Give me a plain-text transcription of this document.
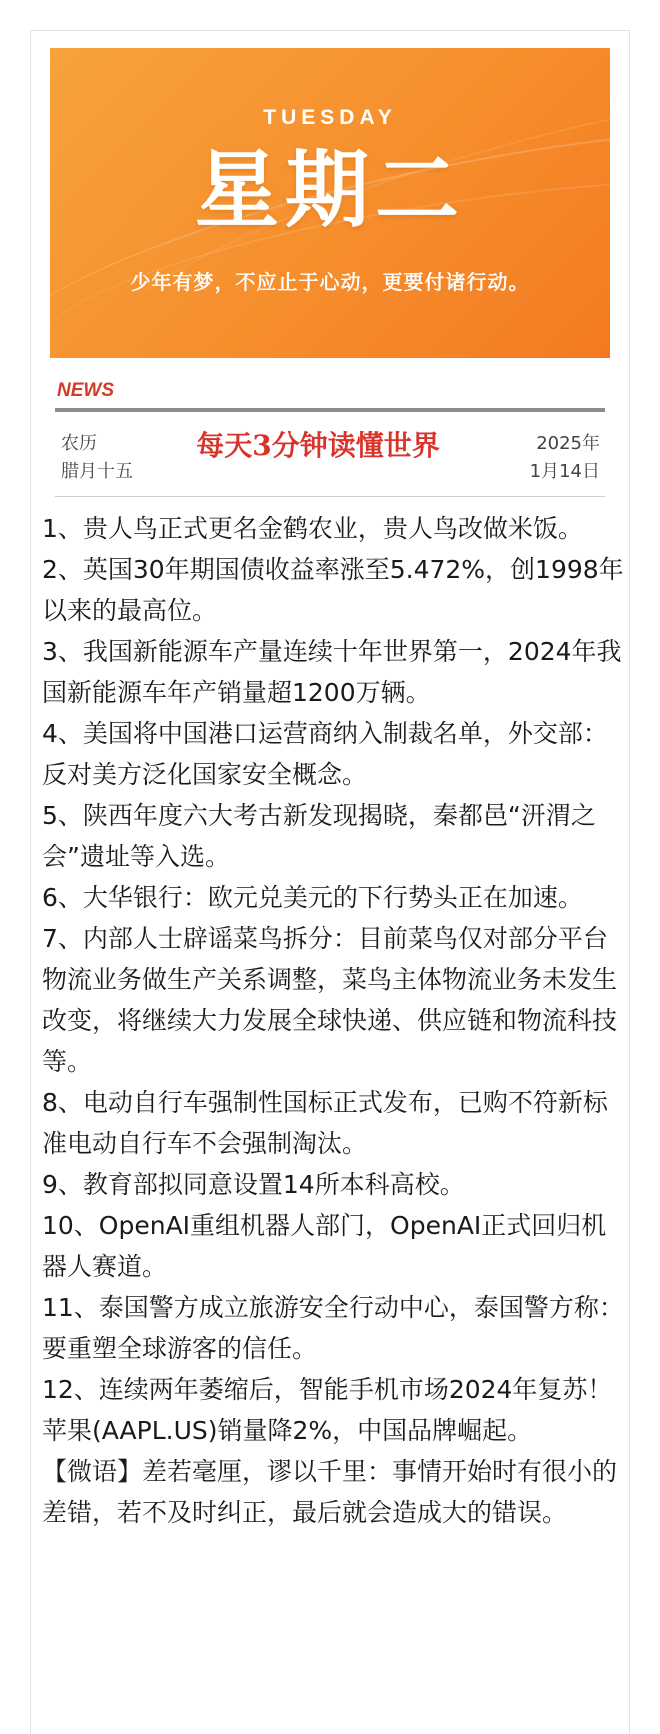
TUESDAY
星期二
少年有梦，不应止于心动，更要付诸行动。
NEWS
农历
腊月十五
每天3分钟读懂世界	2025年
1月14日

1、贵人鸟正式更名金鹤农业，贵人鸟改做米饭。

2、英国30年期国债收益率涨至5.472%，创1998年以来的最高位。

3、我国新能源车产量连续十年世界第一，2024年我国新能源车年产销量超1200万辆。

4、美国将中国港口运营商纳入制裁名单，外交部：反对美方泛化国家安全概念。

5、陕西年度六大考古新发现揭晓，秦都邑“汧渭之会”遗址等入选。

6、大华银行：欧元兑美元的下行势头正在加速。

7、内部人士辟谣菜鸟拆分：目前菜鸟仅对部分平台物流业务做生产关系调整，菜鸟主体物流业务未发生改变，将继续大力发展全球快递、供应链和物流科技等。

8、电动自行车强制性国标正式发布，已购不符新标准电动自行车不会强制淘汰。

9、教育部拟同意设置14所本科高校。

10、OpenAI重组机器人部门，OpenAI正式回归机器人赛道。

11、泰国警方成立旅游安全行动中心，泰国警方称：要重塑全球游客的信任。

12、连续两年萎缩后，智能手机市场2024年复苏！苹果(AAPL.US)销量降2%，中国品牌崛起。

【微语】差若毫厘，谬以千里：事情开始时有很小的差错，若不及时纠正，最后就会造成大的错误。
